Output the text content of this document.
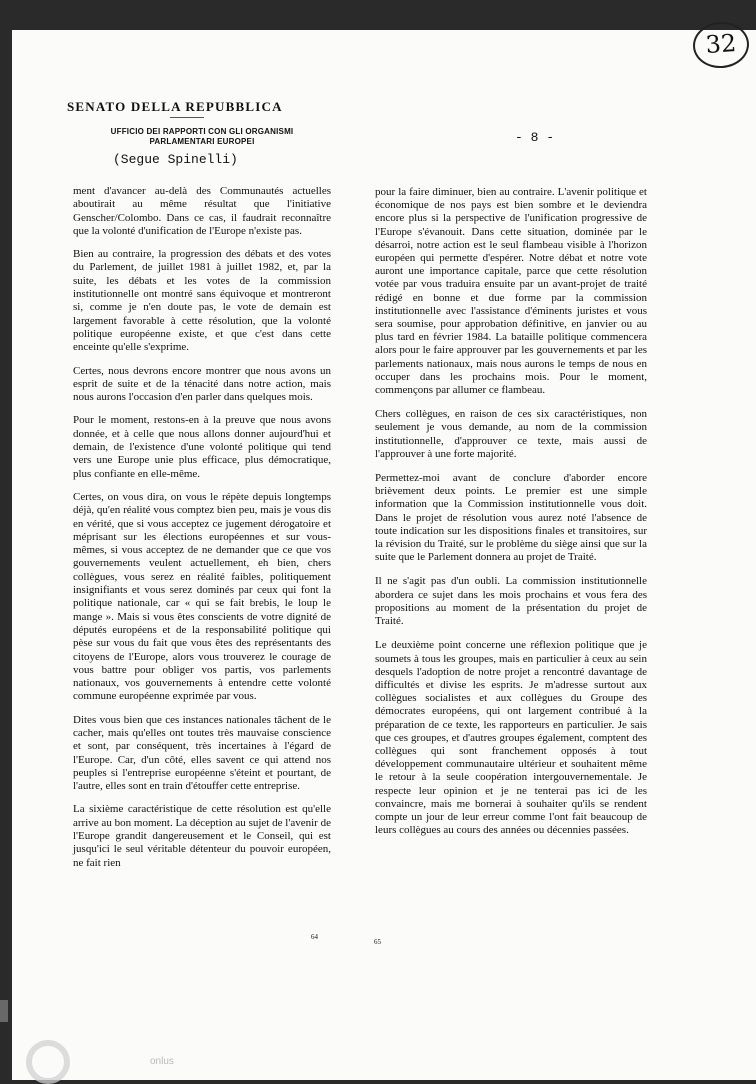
32
SENATO DELLA REPUBBLICA
UFFICIO DEI RAPPORTI CON GLI ORGANISMI PARLAMENTARI EUROPEI
(Segue Spinelli)
- 8 -

ment d'avancer au-delà des Communautés actuelles aboutirait au même résultat que l'initiative Genscher/Colombo. Dans ce cas, il faudrait reconnaître que la volonté d'unification de l'Europe n'existe pas.

Bien au contraire, la progression des débats et des votes du Parlement, de juillet 1981 à juillet 1982, et, par la suite, les débats et les votes de la commission institutionnelle ont montré sans équivoque et montreront si, comme je n'en doute pas, le vote de demain est largement favorable à cette résolution, que la volonté politique européenne existe, et que c'est dans cette enceinte qu'elle s'exprime.

Certes, nous devrons encore montrer que nous avons un esprit de suite et de la ténacité dans notre action, mais nous aurons l'occasion d'en parler dans quelques mois.

Pour le moment, restons-en à la preuve que nous avons donnée, et à celle que nous allons donner aujourd'hui et demain, de l'existence d'une volonté politique qui tend vers une Europe unie plus efficace, plus démocratique, plus confiante en elle-même.

Certes, on vous dira, on vous le répète depuis longtemps déjà, qu'en réalité vous comptez bien peu, mais je vous dis en vérité, que si vous acceptez ce jugement dérogatoire et méprisant sur les élections européennes et sur vous-mêmes, si vous acceptez de ne demander que ce que vos gouvernements veulent actuellement, eh bien, chers collègues, vous serez en réalité faibles, politiquement insignifiants et vous serez dominés par ceux qui font la politique nationale, car « qui se fait brebis, le loup le mange ». Mais si vous êtes conscients de votre dignité de députés européens et de la responsabilité politique qui pèse sur vous du fait que vous êtes des représentants des citoyens de l'Europe, alors vous trouverez le courage de vous battre pour obliger vos partis, vos parlements nationaux, vos gouvernements à entendre cette volonté commune européenne exprimée par vous.

Dites vous bien que ces instances nationales tâchent de le cacher, mais qu'elles ont toutes très mauvaise conscience et sont, par conséquent, très incertaines à l'égard de l'Europe. Car, d'un côté, elles savent ce qui attend nos peuples si l'entreprise européenne s'éteint et pourtant, de l'autre, elles sont en train d'étouffer cette entreprise.

La sixième caractéristique de cette résolution est qu'elle arrive au bon moment. La déception au sujet de l'avenir de l'Europe grandit dangereusement et le Conseil, qui est jusqu'ici le seul véritable détenteur du pouvoir européen, ne fait rien

64

pour la faire diminuer, bien au contraire. L'avenir politique et économique de nos pays est bien sombre et le deviendra encore plus si la perspective de l'unification progressive de l'Europe s'évanouit. Dans cette situation, dominée par le désarroi, notre action est le seul flambeau visible à l'horizon européen qui permette d'espérer. Notre débat et notre vote auront une importance capitale, parce que cette résolution votée par vous traduira ensuite par un avant-projet de traité rédigé en bonne et due forme par la commission institutionnelle avec l'assistance d'éminents juristes et vous sera soumise, pour approbation définitive, en janvier ou au plus tard en février 1984. La bataille politique commencera alors pour le faire approuver par les gouvernements et par les parlements nationaux, mais nous aurons le temps de nous en occuper dans les prochains mois. Pour le moment, commençons par allumer ce flambeau.

Chers collègues, en raison de ces six caractéristiques, non seulement je vous demande, au nom de la commission institutionnelle, d'approuver ce texte, mais aussi de l'approuver à une forte majorité.

Permettez-moi avant de conclure d'aborder encore brièvement deux points. Le premier est une simple information que la Commission institutionnelle vous doit. Dans le projet de résolution vous aurez noté l'absence de toute indication sur les dispositions finales et transitoires, sur la révision du Traité, sur le problème du siège ainsi que sur la suite que le Parlement donnera au projet de Traité.

Il ne s'agit pas d'un oubli. La commission institutionnelle abordera ce sujet dans les mois prochains et vous fera des propositions au moment de la présentation du projet de Traité.

Le deuxième point concerne une réflexion politique que je soumets à tous les groupes, mais en particulier à ceux au sein desquels l'adoption de notre projet a rencontré davantage de difficultés et divise les esprits. Je m'adresse surtout aux collègues socialistes et aux collègues du Groupe des démocrates européens, qui ont largement contribué à la préparation de ce texte, les rapporteurs en particulier. Je sais que ces groupes, et d'autres groupes également, comptent des collègues qui sont franchement opposés à tout développement communautaire ultérieur et souhaitent même le retour à la seule coopération intergouvernementale. Je respecte leur opinion et je ne tenterai pas ici de les convaincre, mais me bornerai à souhaiter qu'ils se rendent compte un jour de leur erreur comme l'ont fait beaucoup de leurs collègues au cours des années ou décennies passées.

65
onlus
